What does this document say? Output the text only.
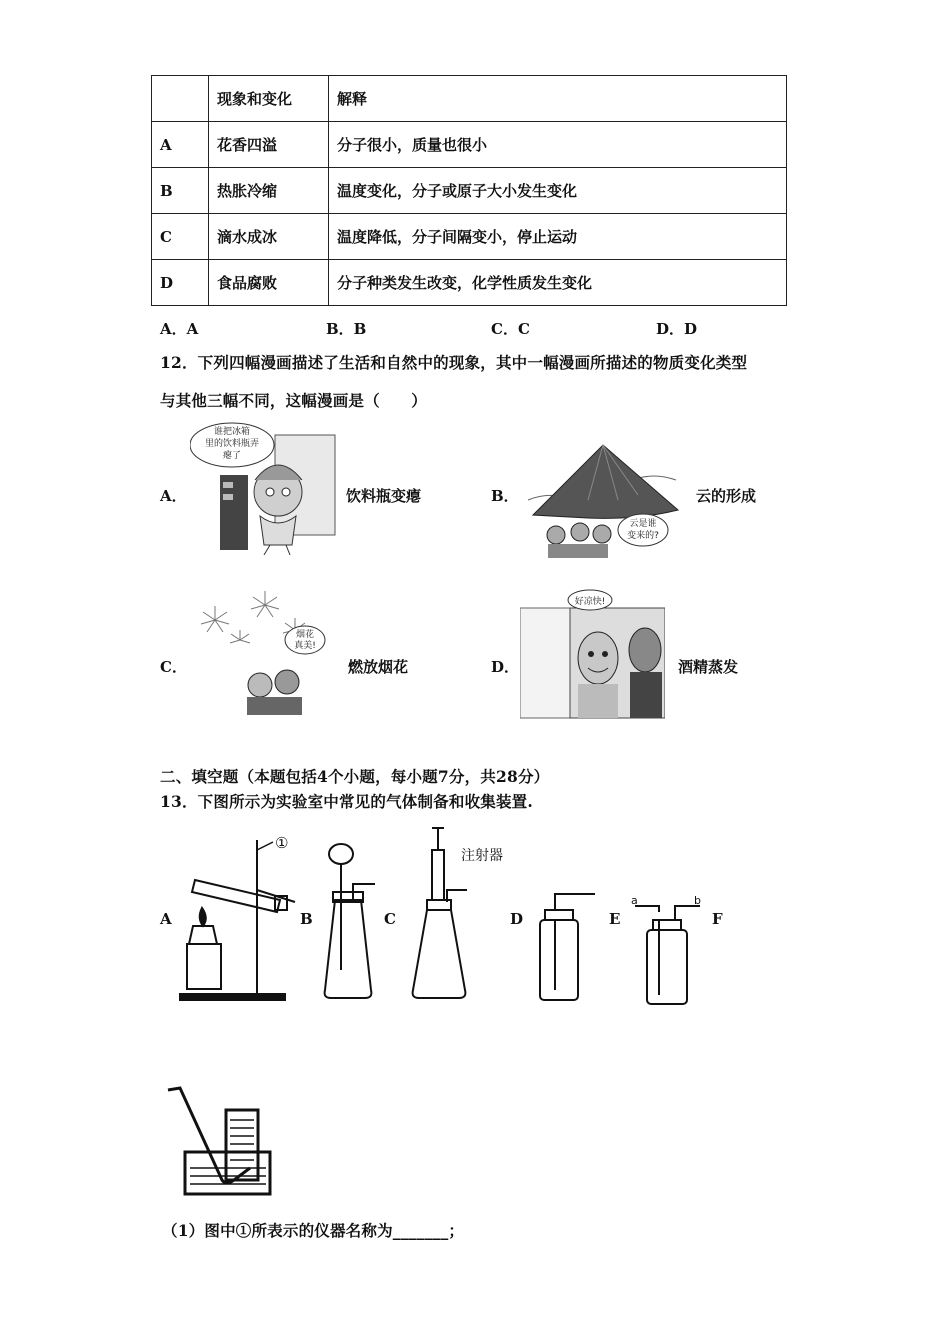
	现象和变化	解释
A	花香四溢	分子很小，质量也很小
B	热胀冷缩	温度变化，分子或原子大小发生变化
C	滴水成冰	温度降低，分子间隔变小，停止运动
D	食品腐败	分子种类发生改变，化学性质发生变化
A．A	B．B	C．C	D．D
12．下列四幅漫画描述了生活和自然中的现象，其中一幅漫画所描述的物质变化类型
与其他三幅不同，这幅漫画是（　　）
A．
谁把冰箱
里的饮料瓶弄
瘪了
饮料瓶变瘪	B．
云是谁
变来的?
云的形成
C．
烟花
真美!
燃放烟花	D．
好凉快!
酒精蒸发
二、填空题（本题包括4个小题，每小题7分，共28分）
13．下图所示为实验室中常见的气体制备和收集装置.
①
注射器
a	b
A	B	C	D	E	F
（1）图中①所表示的仪器名称为_______；
